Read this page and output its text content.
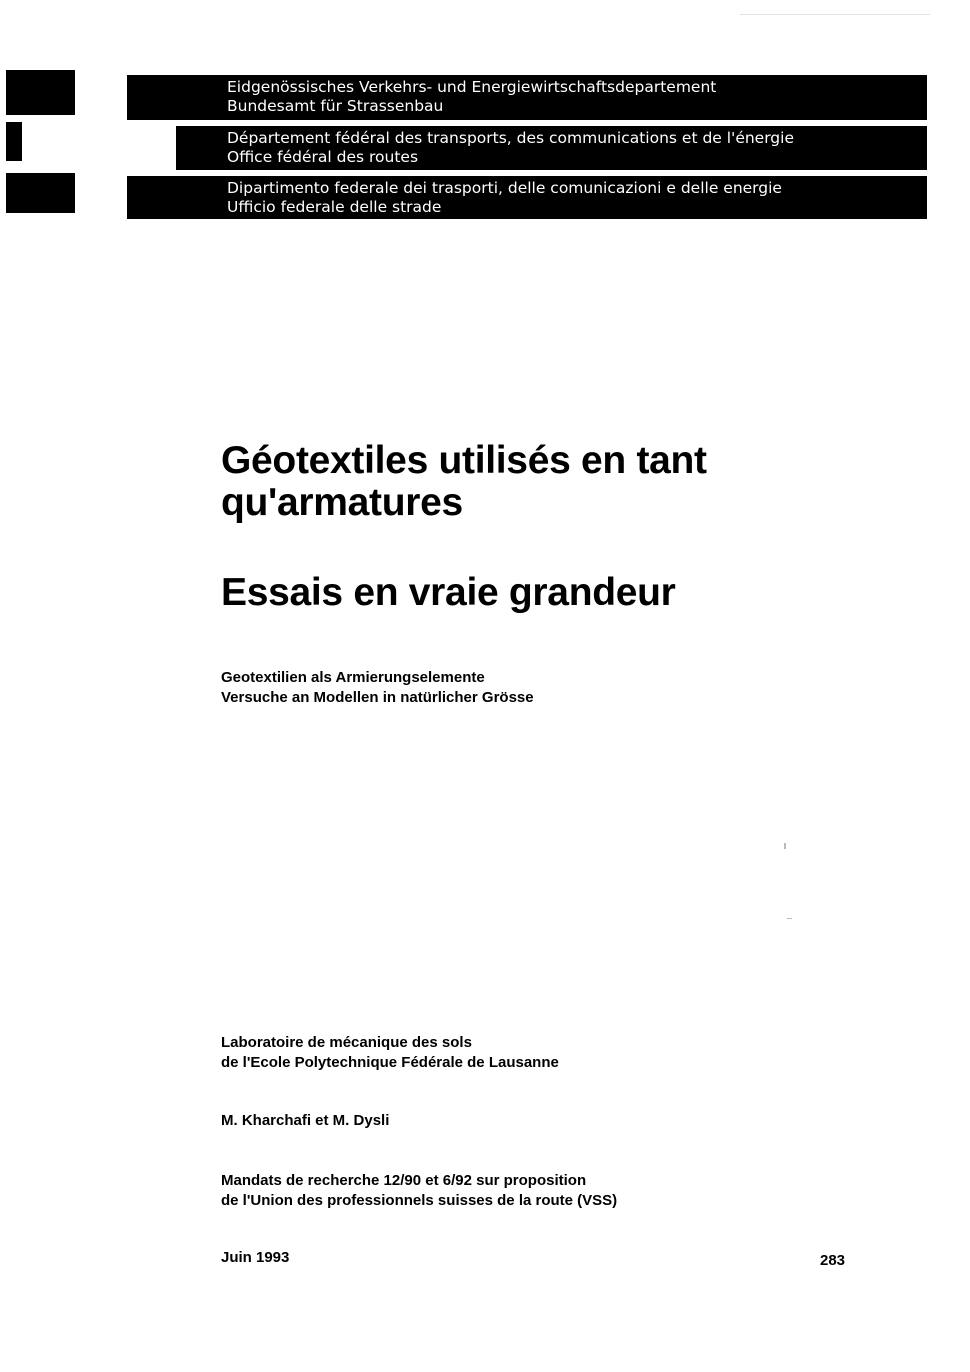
Eidgenössisches Verkehrs- und Energiewirtschaftsdepartement
Bundesamt für Strassenbau
Département fédéral des transports, des communications et de l'énergie
Office fédéral des routes
Dipartimento federale dei trasporti, delle comunicazioni e delle energie
Ufficio federale delle strade
Géotextiles utilisés en tant
qu'armatures
Essais en vraie grandeur
Geotextilien als Armierungselemente
Versuche an Modellen in natürlicher Grösse
Laboratoire de mécanique des sols
de l'Ecole Polytechnique Fédérale de Lausanne
M. Kharchafi et M. Dysli
Mandats de recherche 12/90 et 6/92 sur proposition
de l'Union des professionnels suisses de la route (VSS)
Juin 1993	283
